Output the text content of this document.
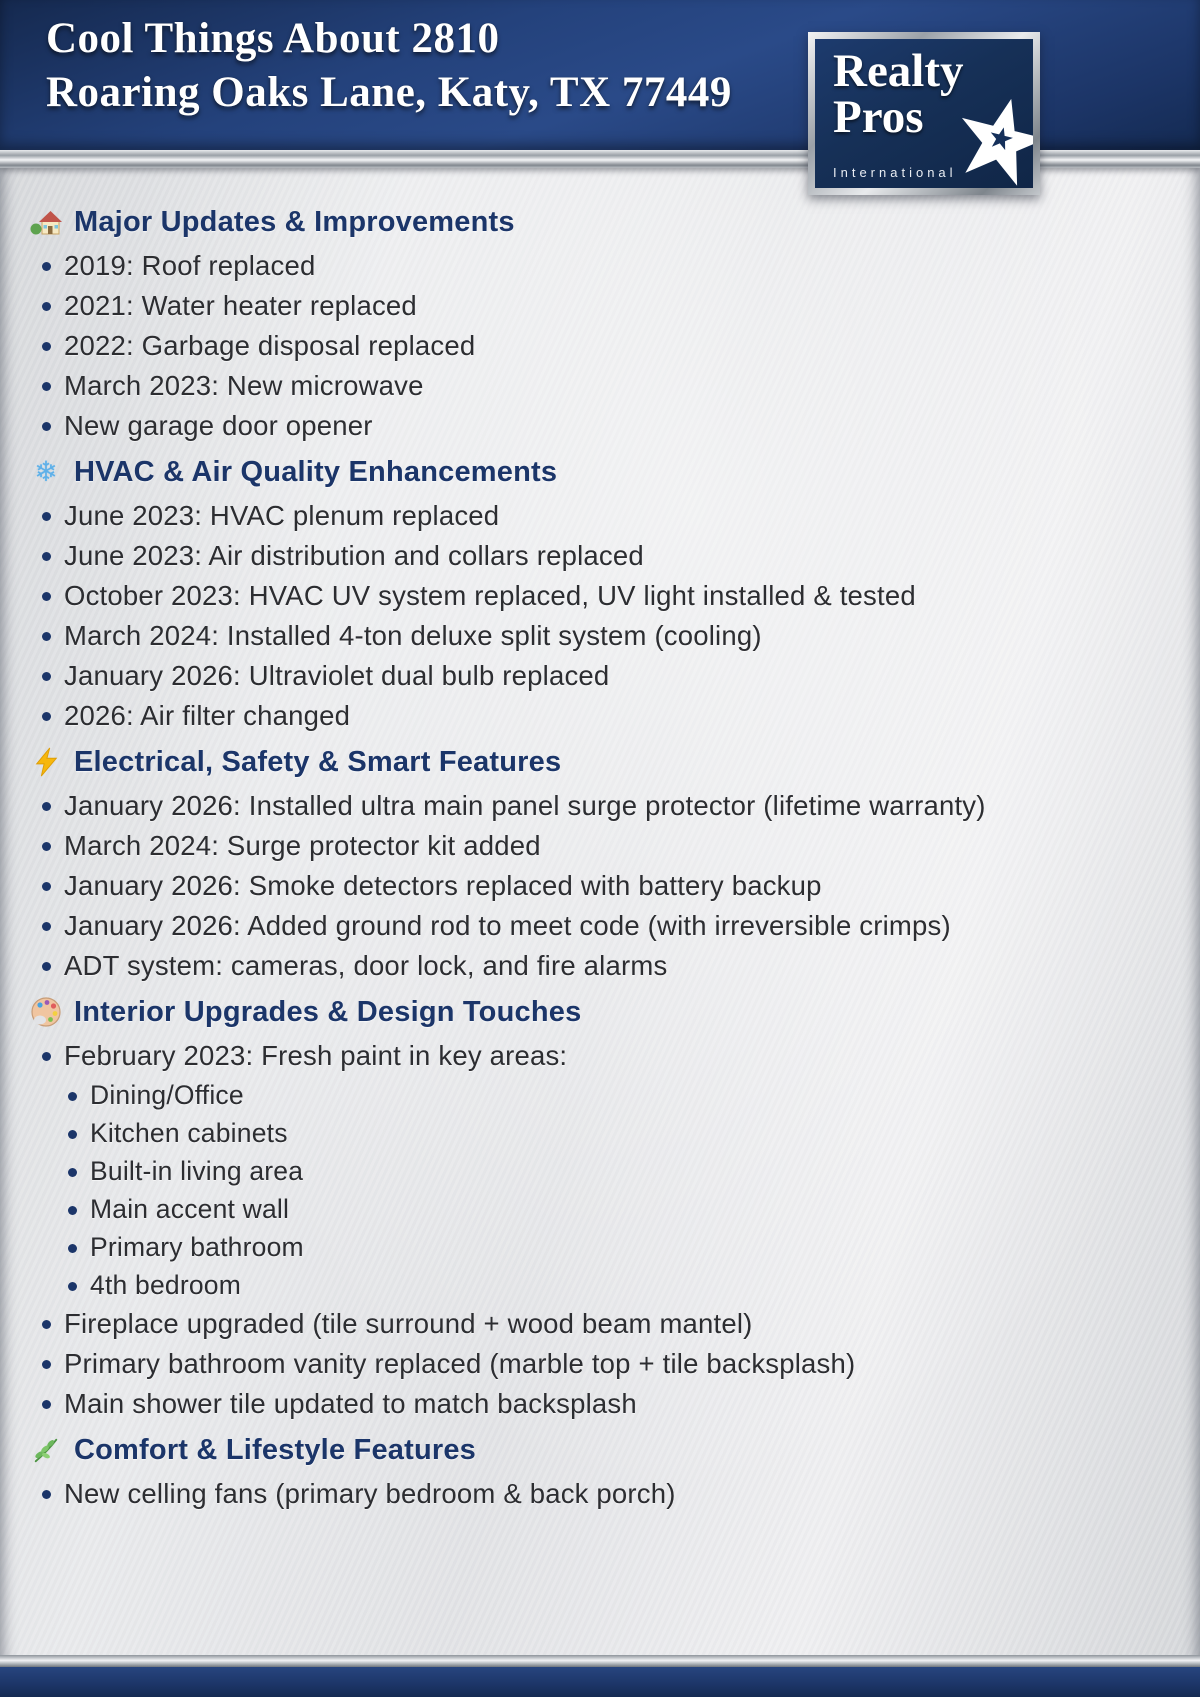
Cool Things About 2810
Roaring Oaks Lane, Katy, TX 77449 Realty
Pros
International
Major Updates & Improvements
2019: Roof replaced
2021: Water heater replaced
2022: Garbage disposal replaced
March 2023: New microwave
New garage door opener
❄ HVAC & Air Quality Enhancements
June 2023: HVAC plenum replaced
June 2023: Air distribution and collars replaced
October 2023: HVAC UV system replaced, UV light installed & tested
March 2024: Installed 4-ton deluxe split system (cooling)
January 2026: Ultraviolet dual bulb replaced
2026: Air filter changed
Electrical, Safety & Smart Features
January 2026: Installed ultra main panel surge protector (lifetime warranty)
March 2024: Surge protector kit added
January 2026: Smoke detectors replaced with battery backup
January 2026: Added ground rod to meet code (with irreversible crimps)
ADT system: cameras, door lock, and fire alarms
Interior Upgrades & Design Touches
February 2023: Fresh paint in key areas:
Dining/Office
Kitchen cabinets
Built-in living area
Main accent wall
Primary bathroom
4th bedroom
Fireplace upgraded (tile surround + wood beam mantel)
Primary bathroom vanity replaced (marble top + tile backsplash)
Main shower tile updated to match backsplash
Comfort & Lifestyle Features
New celling fans (primary bedroom & back porch)
